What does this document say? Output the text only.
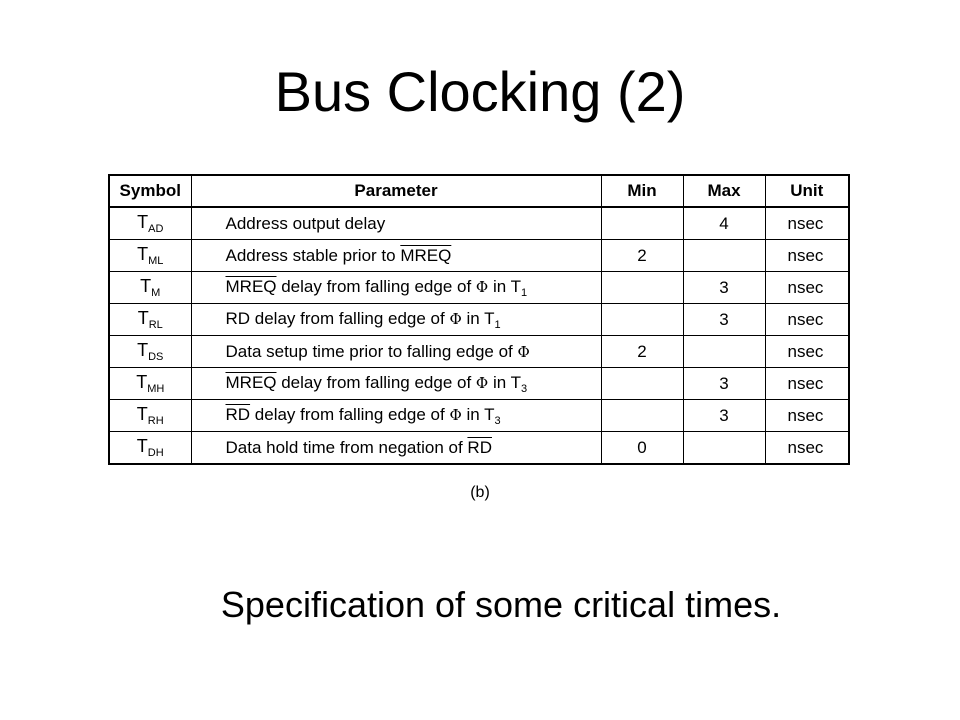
Bus Clocking (2)
Symbol	Parameter	Min	Max	Unit
$T_{AD}$	Address output delay		4	nsec
$T_{ML}$	Address stable prior to MREQ	2		nsec
$T_M$	MREQ delay from falling edge of Φ in $T_1$		3	nsec
$T_{RL}$	RD delay from falling edge of Φ in $T_1$		3	nsec
$T_{DS}$	Data setup time prior to falling edge of Φ	2		nsec
$T_{MH}$	MREQ delay from falling edge of Φ in $T_3$		3	nsec
$T_{RH}$	$\overline{RD}$ delay from falling edge of Φ in $T_3$		3	nsec
$T_{DH}$	Data hold time from negation of $\overline{RD}$	0		nsec
(b)
Specification of some critical times.
